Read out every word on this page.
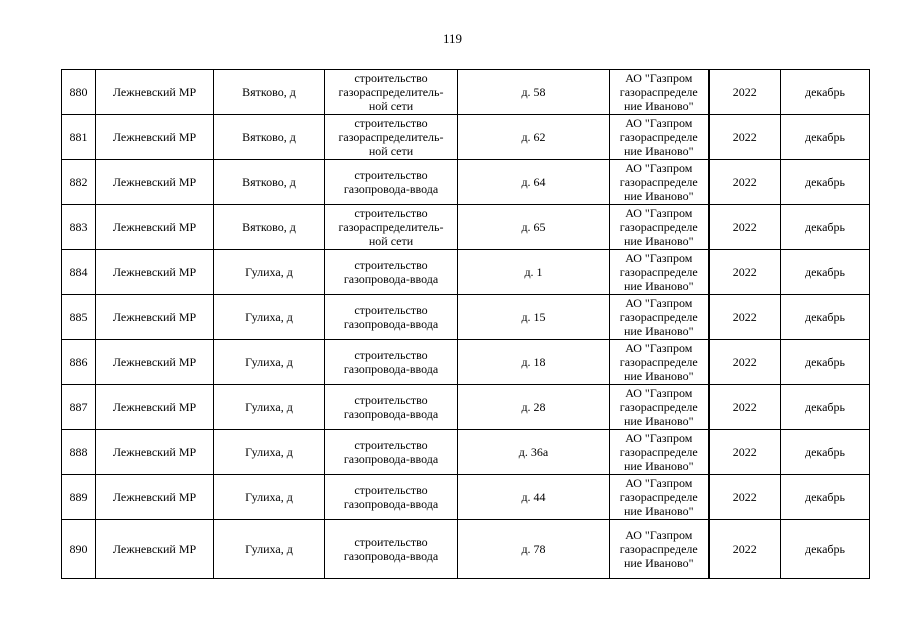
119
880	Лежневский МР	Вятково, д	строительство
газораспределитель-
ной сети	д. 58	АО "Газпром
газораспределе
ние Иваново"	2022	декабрь
881	Лежневский МР	Вятково, д	строительство
газораспределитель-
ной сети	д. 62	АО "Газпром
газораспределе
ние Иваново"	2022	декабрь
882	Лежневский МР	Вятково, д	строительство
газопровода-ввода	д. 64	АО "Газпром
газораспределе
ние Иваново"	2022	декабрь
883	Лежневский МР	Вятково, д	строительство
газораспределитель-
ной сети	д. 65	АО "Газпром
газораспределе
ние Иваново"	2022	декабрь
884	Лежневский МР	Гулиха, д	строительство
газопровода-ввода	д. 1	АО "Газпром
газораспределе
ние Иваново"	2022	декабрь
885	Лежневский МР	Гулиха, д	строительство
газопровода-ввода	д. 15	АО "Газпром
газораспределе
ние Иваново"	2022	декабрь
886	Лежневский МР	Гулиха, д	строительство
газопровода-ввода	д. 18	АО "Газпром
газораспределе
ние Иваново"	2022	декабрь
887	Лежневский МР	Гулиха, д	строительство
газопровода-ввода	д. 28	АО "Газпром
газораспределе
ние Иваново"	2022	декабрь
888	Лежневский МР	Гулиха, д	строительство
газопровода-ввода	д. 36а	АО "Газпром
газораспределе
ние Иваново"	2022	декабрь
889	Лежневский МР	Гулиха, д	строительство
газопровода-ввода	д. 44	АО "Газпром
газораспределе
ние Иваново"	2022	декабрь
890	Лежневский МР	Гулиха, д	строительство
газопровода-ввода	д. 78	АО "Газпром
газораспределе
ние Иваново"	2022	декабрь
